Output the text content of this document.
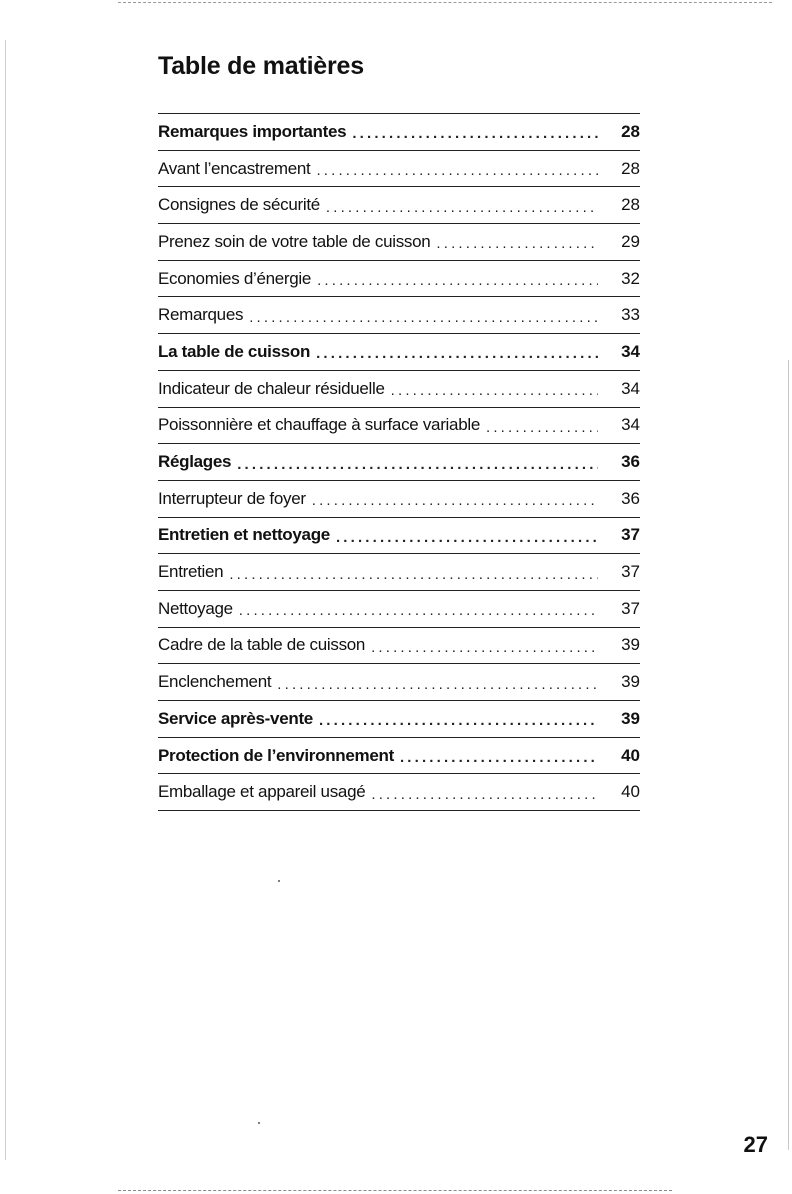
Table de matières
Remarques importantes . . .	28
Avant l’encastrement . . .	28
Consignes de sécurité . . .	28
Prenez soin de votre table de cuisson . . .	29
Economies d’énergie . . .	32
Remarques . . .	33
La table de cuisson . . .	34
Indicateur de chaleur résiduelle . . .	34
Poissonnière et chauffage à surface variable . . .	34
Réglages . . .	36
Interrupteur de foyer . . .	36
Entretien et nettoyage . . .	37
Entretien . . .	37
Nettoyage . . .	37
Cadre de la table de cuisson . . .	39
Enclenchement . . .	39
Service après-vente . . .	39
Protection de l’environnement . . .	40
Emballage et appareil usagé . . .	40
27
